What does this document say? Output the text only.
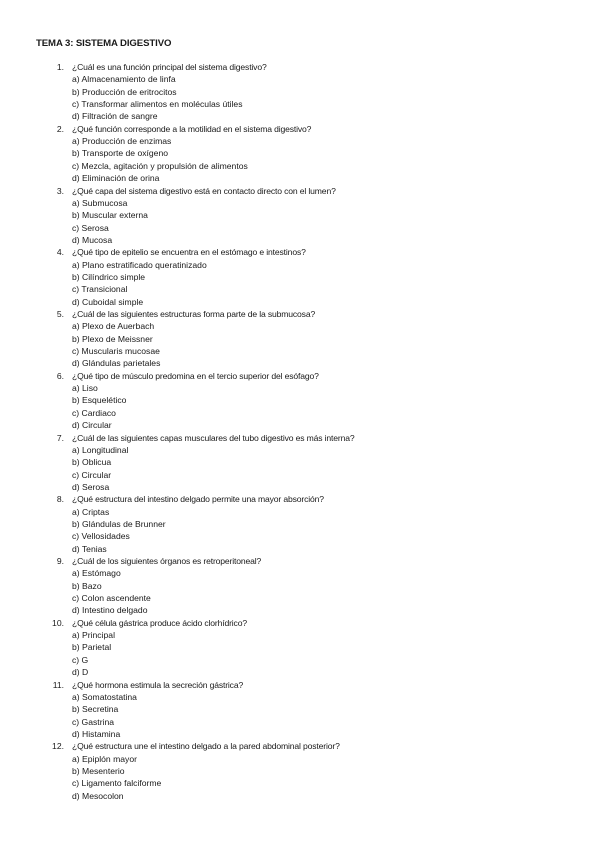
TEMA 3: SISTEMA DIGESTIVO
1. ¿Cuál es una función principal del sistema digestivo?
a) Almacenamiento de linfa
b) Producción de eritrocitos
c) Transformar alimentos en moléculas útiles
d) Filtración de sangre
2. ¿Qué función corresponde a la motilidad en el sistema digestivo?
a) Producción de enzimas
b) Transporte de oxígeno
c) Mezcla, agitación y propulsión de alimentos
d) Eliminación de orina
3. ¿Qué capa del sistema digestivo está en contacto directo con el lumen?
a) Submucosa
b) Muscular externa
c) Serosa
d) Mucosa
4. ¿Qué tipo de epitelio se encuentra en el estómago e intestinos?
a) Plano estratificado queratinizado
b) Cilíndrico simple
c) Transicional
d) Cuboidal simple
5. ¿Cuál de las siguientes estructuras forma parte de la submucosa?
a) Plexo de Auerbach
b) Plexo de Meissner
c) Muscularis mucosae
d) Glándulas parietales
6. ¿Qué tipo de músculo predomina en el tercio superior del esófago?
a) Liso
b) Esquelético
c) Cardiaco
d) Circular
7. ¿Cuál de las siguientes capas musculares del tubo digestivo es más interna?
a) Longitudinal
b) Oblicua
c) Circular
d) Serosa
8. ¿Qué estructura del intestino delgado permite una mayor absorción?
a) Criptas
b) Glándulas de Brunner
c) Vellosidades
d) Tenias
9. ¿Cuál de los siguientes órganos es retroperitoneal?
a) Estómago
b) Bazo
c) Colon ascendente
d) Intestino delgado
10. ¿Qué célula gástrica produce ácido clorhídrico?
a) Principal
b) Parietal
c) G
d) D
11. ¿Qué hormona estimula la secreción gástrica?
a) Somatostatina
b) Secretina
c) Gastrina
d) Histamina
12. ¿Qué estructura une el intestino delgado a la pared abdominal posterior?
a) Epiplón mayor
b) Mesenterio
c) Ligamento falciforme
d) Mesocolon
